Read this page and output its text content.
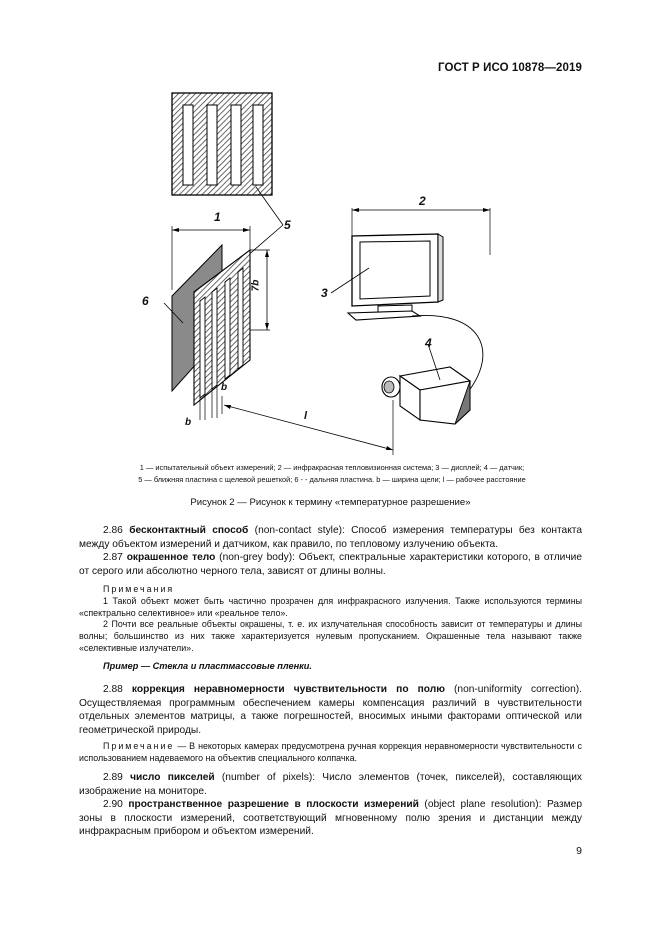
ГОСТ Р ИСО 10878—2019
1
2
3
4
5
6
7b
b
b
l
1 — испытательный объект измерений; 2 — инфракрасная тепловизионная система; 3 — дисплей; 4 — датчик;
5 — ближняя пластина с щелевой решеткой; 6 - - дальняя пластина. b — ширина щели; l — рабочее расстояние
Рисунок 2 — Рисунок к термину «температурное разрешение»

2.86 бесконтактный способ (non-contact style): Способ измерения температуры без контакта между объектом измерений и датчиком, как правило, по тепловому излучению объекта.

2.87 окрашенное тело (non-grey body): Объект, спектральные характеристики которого, в отличие от серого или абсолютно черного тела, зависят от длины волны.

Примечания

1 Такой объект может быть частично прозрачен для инфракрасного излучения. Также используются термины «спектрально селективное» или «реальное тело».

2 Почти все реальные объекты окрашены, т. е. их излучательная способность зависит от температуры и длины волны; большинство из них также характеризуется нулевым пропусканием. Окрашенные тела называют также «селективные излучатели».

Пример — Стекла и пластмассовые пленки.

2.88 коррекция неравномерности чувствительности по полю (non-uniformity correction). Осуществляемая программным обеспечением камеры компенсация различий в чувствительности отдельных элементов матрицы, а также погрешностей, вносимых иными факторами оптической или геометрической природы.

Примечание — В некоторых камерах предусмотрена ручная коррекция неравномерности чувствительности с использованием надеваемого на объектив специального колпачка.

2.89 число пикселей (number of pixels): Число элементов (точек, пикселей), составляющих изображение на мониторе.

2.90 пространственное разрешение в плоскости измерений (object plane resolution): Размер зоны в плоскости измерений, соответствующий мгновенному полю зрения и дистанции между инфракрасным прибором и объектом измерений.

9
